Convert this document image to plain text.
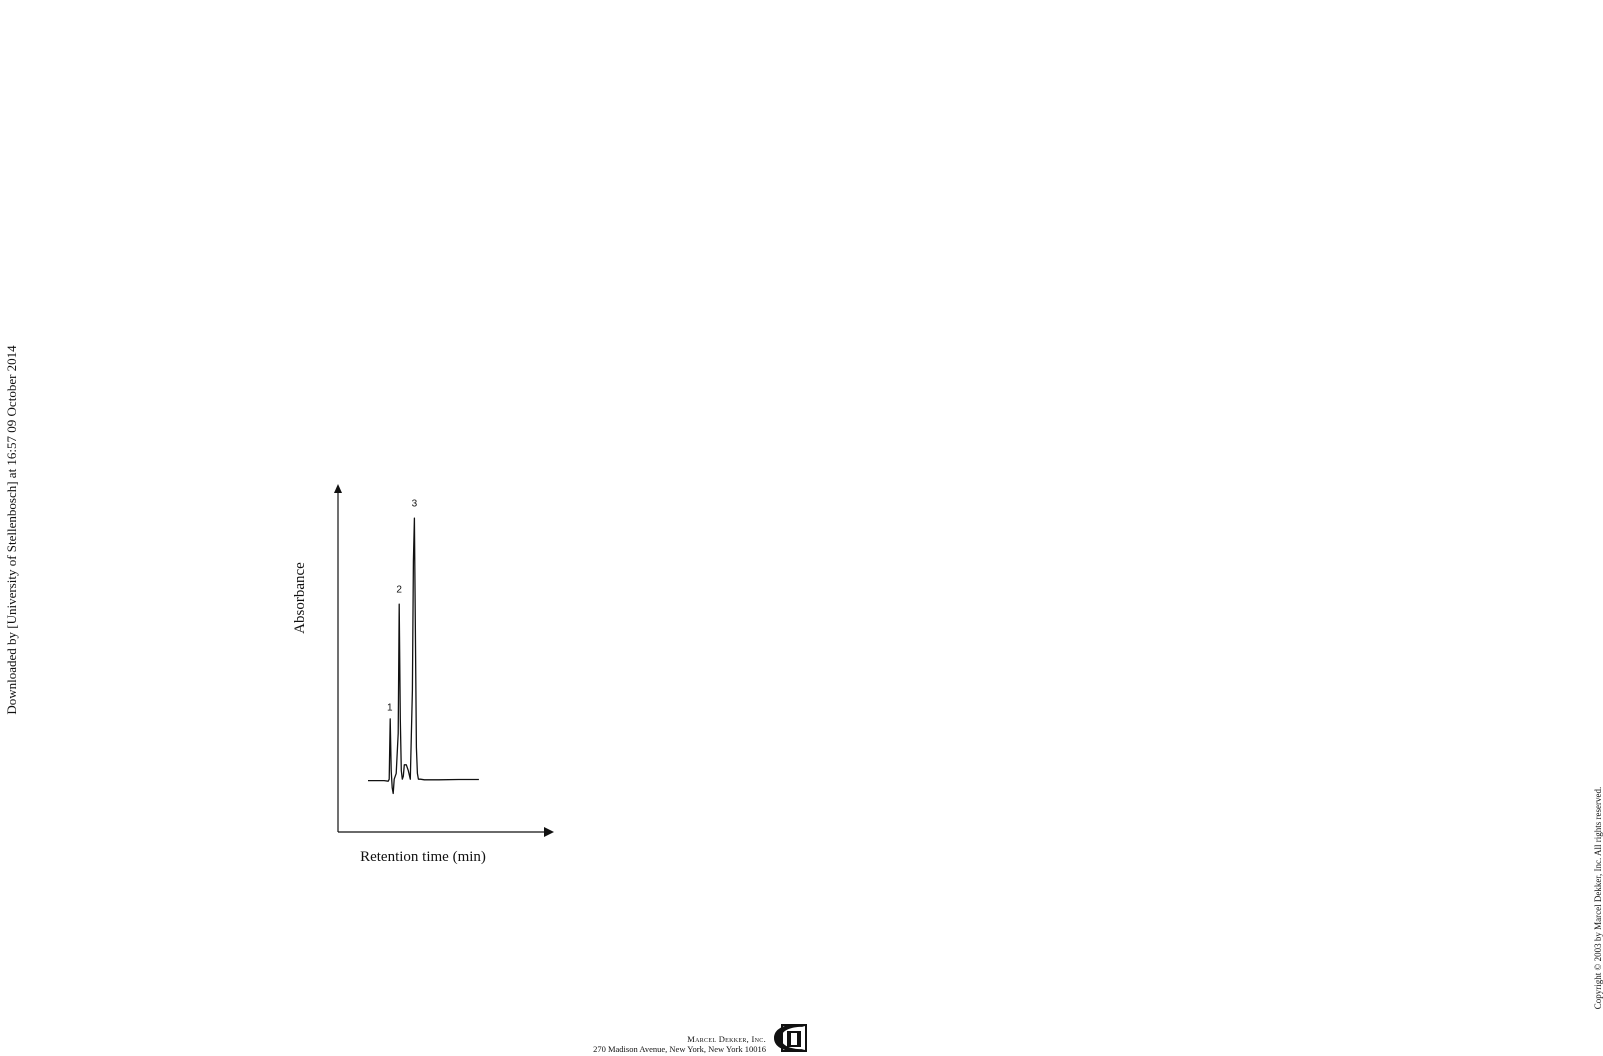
Downloaded by [University of Stellenbosch] at 16:57 09 October 2014
Copyright © 2003 by Marcel Dekker, Inc. All rights reserved.
1
2
3
Absorbance
Retention time (min)
Marcel Dekker, Inc.
270 Madison Avenue, New York, New York 10016
